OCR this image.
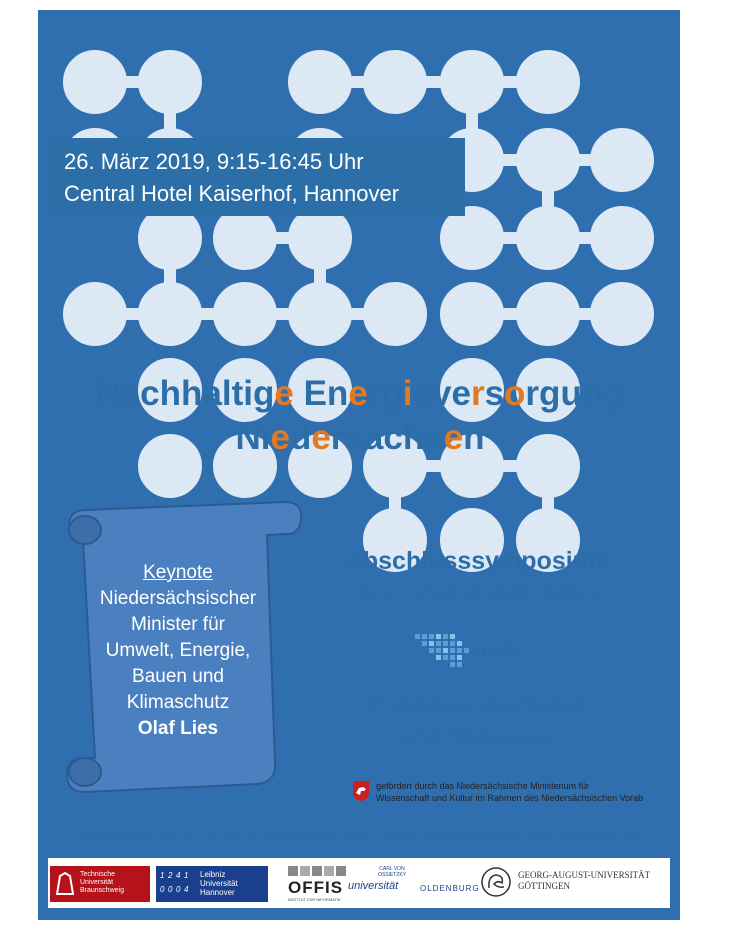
www.neds-niedersachsen.de
26. März 2019, 9:15-16:45 Uhr
Central Hotel Kaiserhof, Hannover
Nachhaltige Energieversorgung
Niedersachsen
Keynote
Niedersächsischer
Minister für
Umwelt, Energie,
Bauen und
Klimaschutz
Olaf Lies
Abschlusssymposium
des Forschungsprojektes
neds
Ergebnispräsentation
und Diskussion
gefördert durch das Niedersächsische Ministerium für
Wissenschaft und Kultur im Rahmen des Niedersächsischen Vorab
Anmeldung bis 22.02.2019 erforderlich unter: neds-symposium@tu-braunschweig.de
Technische
Universität
Braunschweig
1 2 4 1
0 0 0 4
Leibniz
Universität
Hannover	OFFIS
INSTITUT FÜR INFORMATIK
CARL VON OSSIETZKY
universität	OLDENBURG
GEORG-AUGUST-UNIVERSITÄT
GÖTTINGEN
